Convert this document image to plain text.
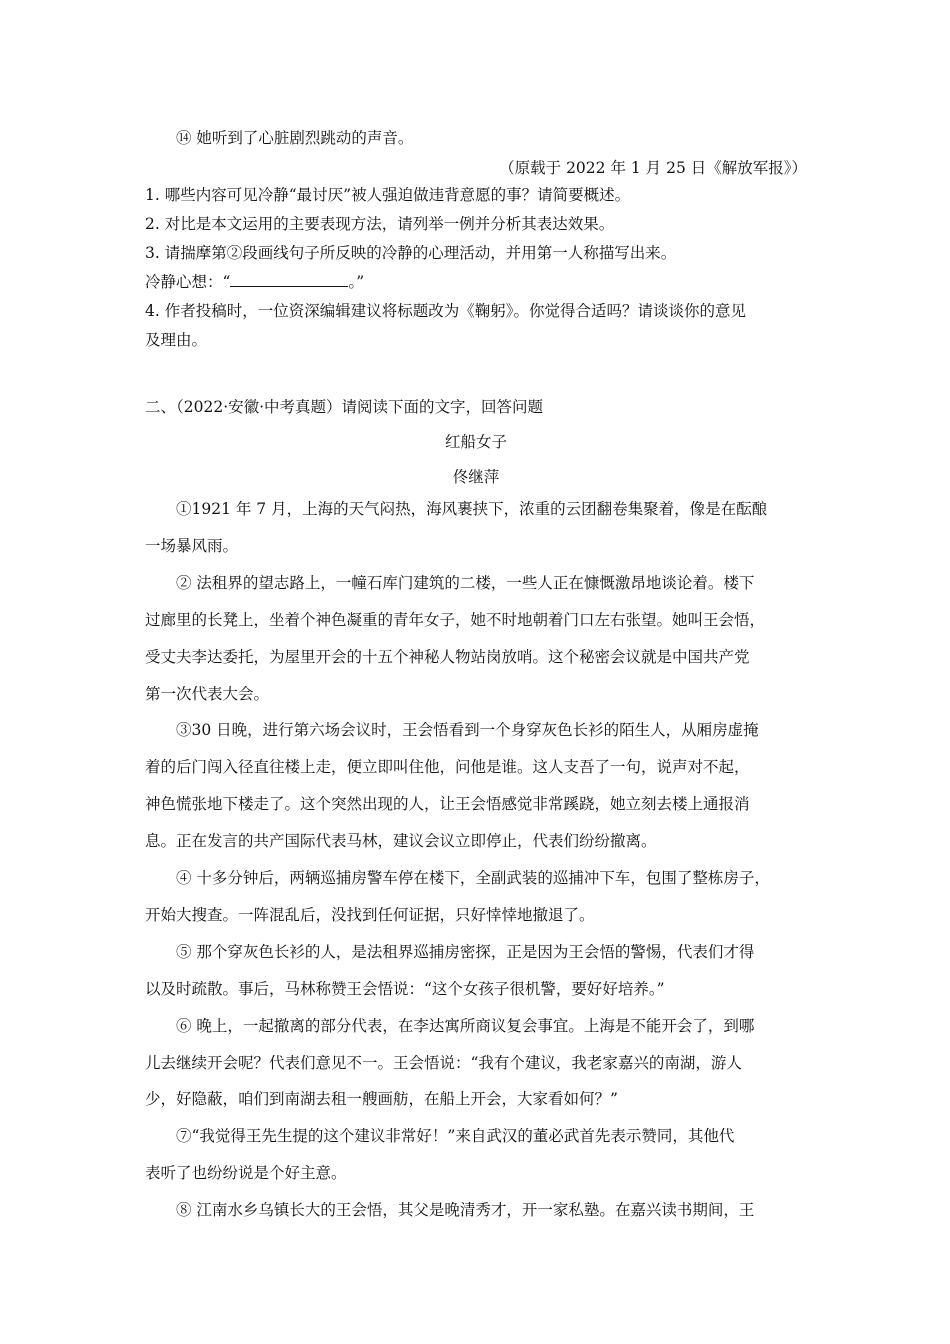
⑭ 她听到了心脏剧烈跳动的声音。
（原载于 2022 年 1 月 25 日《解放军报》）
1. 哪些内容可见冷静“最讨厌”被人强迫做违背意愿的事？请简要概述。
2. 对比是本文运用的主要表现方法，请列举一例并分析其表达效果。
3. 请揣摩第②段画线句子所反映的冷静的心理活动，并用第一人称描写出来。
冷静心想：“	。”
4. 作者投稿时，一位资深编辑建议将标题改为《鞠躬》。你觉得合适吗？请谈谈你的意见
及理由。
二、（2022·安徽·中考真题）请阅读下面的文字，回答问题
红船女子
佟继萍
①1921 年 7 月，上海的天气闷热，海风裹挟下，浓重的云团翻卷集聚着，像是在酝酿
一场暴风雨。
② 法租界的望志路上，一幢石库门建筑的二楼，一些人正在慷慨激昂地谈论着。楼下
过廊里的长凳上，坐着个神色凝重的青年女子，她不时地朝着门口左右张望。她叫王会悟，
受丈夫李达委托，为屋里开会的十五个神秘人物站岗放哨。这个秘密会议就是中国共产党
第一次代表大会。
③30 日晚，进行第六场会议时，王会悟看到一个身穿灰色长衫的陌生人，从厢房虚掩
着的后门闯入径直往楼上走，便立即叫住他，问他是谁。这人支吾了一句，说声对不起，
神色慌张地下楼走了。这个突然出现的人，让王会悟感觉非常蹊跷，她立刻去楼上通报消
息。正在发言的共产国际代表马林，建议会议立即停止，代表们纷纷撤离。
④ 十多分钟后，两辆巡捕房警车停在楼下，全副武装的巡捕冲下车，包围了整栋房子，
开始大搜查。一阵混乱后，没找到任何证据，只好悻悻地撤退了。
⑤ 那个穿灰色长衫的人，是法租界巡捕房密探，正是因为王会悟的警惕，代表们才得
以及时疏散。事后，马林称赞王会悟说：“这个女孩子很机警，要好好培养。”
⑥ 晚上，一起撤离的部分代表，在李达寓所商议复会事宜。上海是不能开会了，到哪
儿去继续开会呢？代表们意见不一。王会悟说：“我有个建议，我老家嘉兴的南湖，游人
少，好隐蔽，咱们到南湖去租一艘画舫，在船上开会，大家看如何？”
⑦“我觉得王先生提的这个建议非常好！”来自武汉的董必武首先表示赞同，其他代
表听了也纷纷说是个好主意。
⑧ 江南水乡乌镇长大的王会悟，其父是晚清秀才，开一家私塾。在嘉兴读书期间，王
